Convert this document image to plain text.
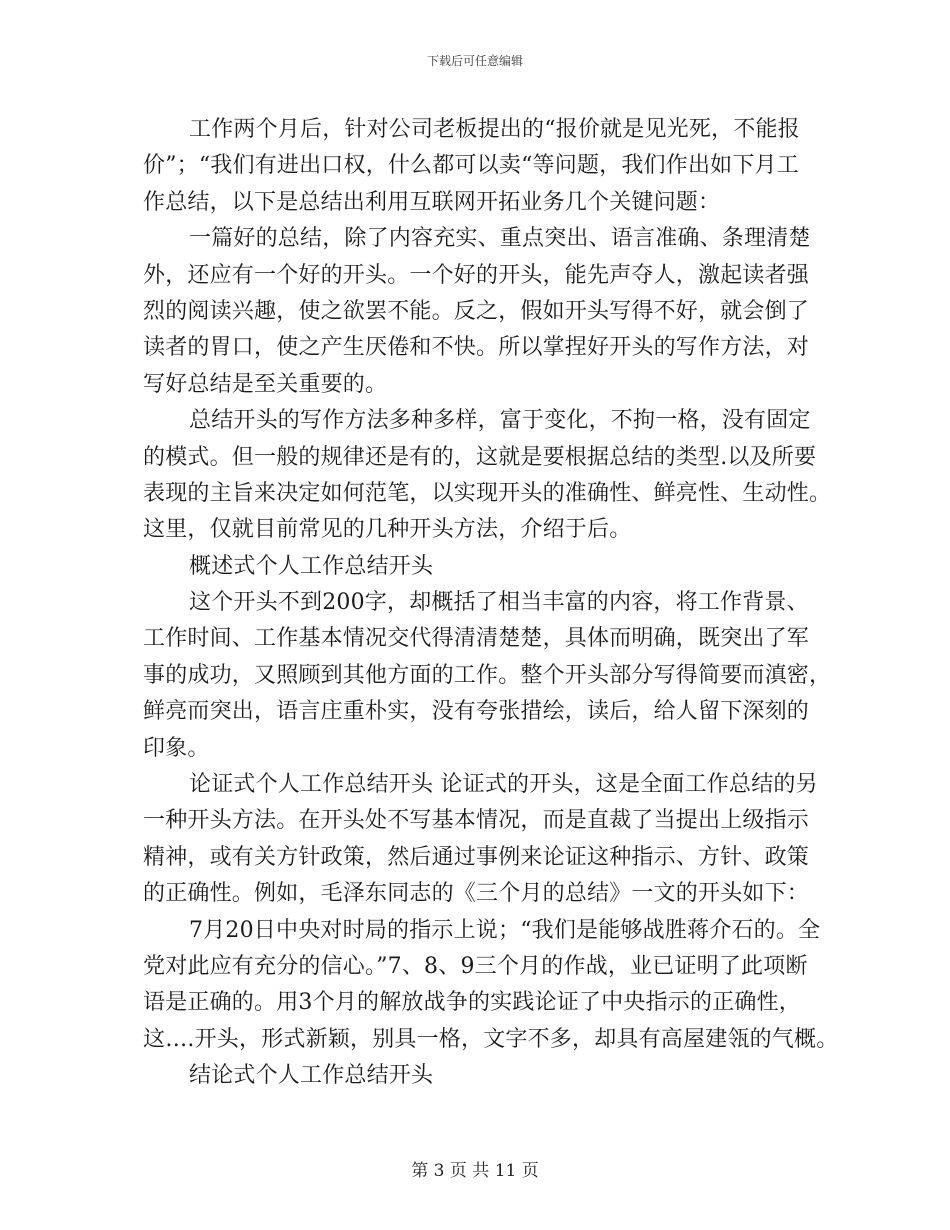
下载后可任意编辑
工作两个月后，针对公司老板提出的“报价就是见光死，不能报
价”；“我们有进出口权，什么都可以卖“等问题，我们作出如下月工
作总结，以下是总结出利用互联网开拓业务几个关键问题：
一篇好的总结，除了内容充实、重点突出、语言准确、条理清楚
外，还应有一个好的开头。一个好的开头，能先声夺人，激起读者强
烈的阅读兴趣，使之欲罢不能。反之，假如开头写得不好，就会倒了
读者的胃口，使之产生厌倦和不快。所以掌捏好开头的写作方法，对
写好总结是至关重要的。
总结开头的写作方法多种多样，富于变化，不拘一格，没有固定
的模式。但一般的规律还是有的，这就是要根据总结的类型.以及所要
表现的主旨来决定如何范笔，以实现开头的准确性、鲜亮性、生动性。
这里，仅就目前常见的几种开头方法，介绍于后。
概述式个人工作总结开头
这个开头不到200字，却概括了相当丰富的内容，将工作背景、
工作时间、工作基本情况交代得清清楚楚，具体而明确，既突出了军
事的成功，又照顾到其他方面的工作。整个开头部分写得简要而滇密，
鲜亮而突出，语言庄重朴实，没有夸张措绘，读后，给人留下深刻的
印象。
论证式个人工作总结开头 论证式的开头，这是全面工作总结的另
一种开头方法。在开头处不写基本情况，而是直裁了当提出上级指示
精神，或有关方针政策，然后通过事例来论证这种指示、方针、政策
的正确性。例如，毛泽东同志的《三个月的总结》一文的开头如下：
7月20日中央对时局的指示上说；“我们是能够战胜蒋介石的。全
党对此应有充分的信心。”7、8、9三个月的作战，业已证明了此项断
语是正确的。用3个月的解放战争的实践论证了中央指示的正确性，
这….开头，形式新颖，别具一格，文字不多，却具有高屋建瓴的气概。
结论式个人工作总结开头
第 3 页 共 11 页
